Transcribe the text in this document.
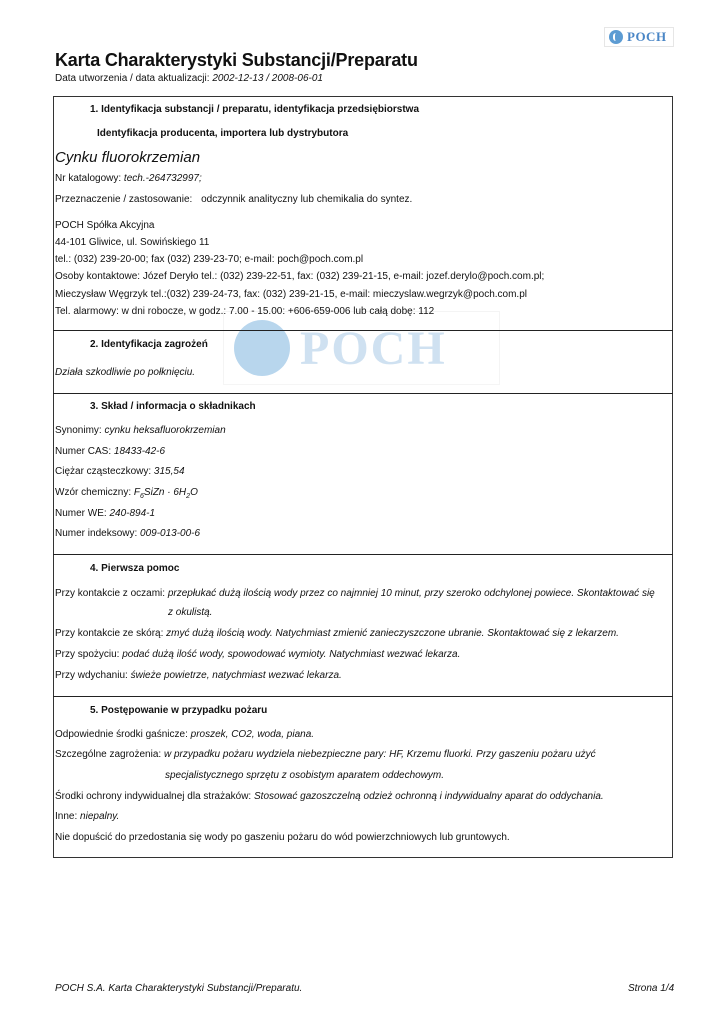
POCH
Karta Charakterystyki Substancji/Preparatu
Data utworzenia / data aktualizacji: 2002-12-13 / 2008-06-01
POCH
1. Identyfikacja substancji / preparatu, identyfikacja przedsiębiorstwa
Identyfikacja producenta, importera lub dystrybutora
Cynku fluorokrzemian
Nr katalogowy: tech.-264732997;
Przeznaczenie / zastosowanie: odczynnik analityczny lub chemikalia do syntez.
POCH Spółka Akcyjna
44-101 Gliwice, ul. Sowińskiego 11
tel.: (032) 239-20-00; fax (032) 239-23-70; e-mail: poch@poch.com.pl
Osoby kontaktowe: Józef Deryło tel.: (032) 239-22-51, fax: (032) 239-21-15, e-mail: jozef.derylo@poch.com.pl;
Mieczysław Węgrzyk tel.:(032) 239-24-73, fax: (032) 239-21-15, e-mail: mieczyslaw.wegrzyk@poch.com.pl
Tel. alarmowy: w dni robocze, w godz.: 7.00 - 15.00: +606-659-006 lub całą dobę: 112
2. Identyfikacja zagrożeń
Działa szkodliwie po połknięciu.
3. Skład / informacja o składnikach
Synonimy: cynku heksafluorokrzemian
Numer CAS: 18433-42-6
Ciężar cząsteczkowy: 315,54
Wzór chemiczny: $F_6SiZn \cdot 6H_2O$
Numer WE: 240-894-1
Numer indeksowy: 009-013-00-6
4. Pierwsza pomoc
Przy kontakcie z oczami: przepłukać dużą ilością wody przez co najmniej 10 minut, przy szeroko odchylonej powiece. Skontaktować się
z okulistą.
Przy kontakcie ze skórą: zmyć dużą ilością wody. Natychmiast zmienić zanieczyszczone ubranie. Skontaktować się z lekarzem.
Przy spożyciu: podać dużą ilość wody, spowodować wymioty. Natychmiast wezwać lekarza.
Przy wdychaniu: świeże powietrze, natychmiast wezwać lekarza.
5. Postępowanie w przypadku pożaru
Odpowiednie środki gaśnicze: proszek, CO2, woda, piana.
Szczególne zagrożenia: w przypadku pożaru wydziela niebezpieczne pary: HF, Krzemu fluorki. Przy gaszeniu pożaru użyć
specjalistycznego sprzętu z osobistym aparatem oddechowym.
Środki ochrony indywidualnej dla strażaków: Stosować gazoszczelną odzież ochronną i indywidualny aparat do oddychania.
Inne: niepalny.
Nie dopuścić do przedostania się wody po gaszeniu pożaru do wód powierzchniowych lub gruntowych.
POCH S.A. Karta Charakterystyki Substancji/Preparatu.	Strona 1/4
